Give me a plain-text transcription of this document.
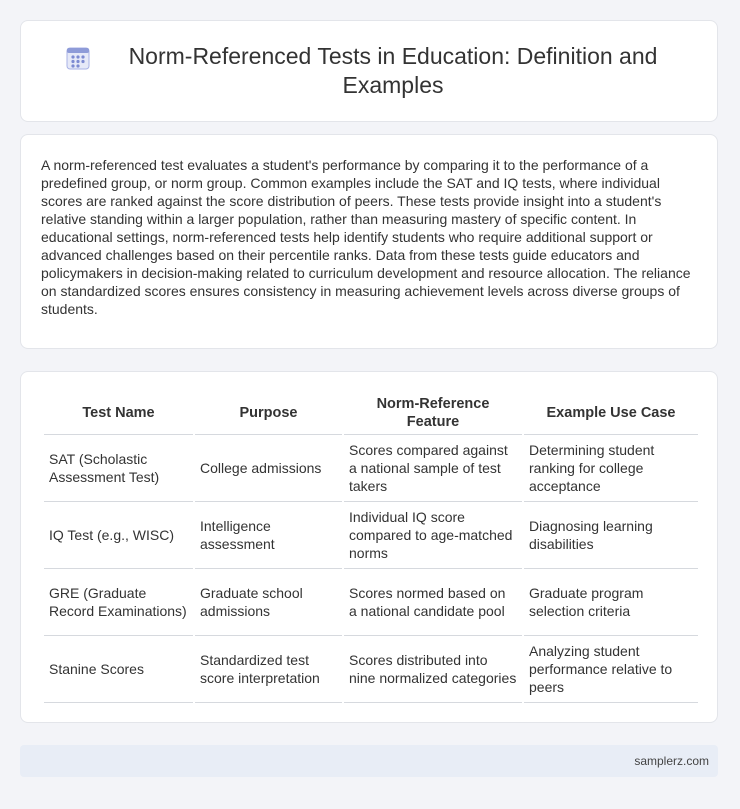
Norm-Referenced Tests in Education: Definition and Examples

A norm-referenced test evaluates a student's performance by comparing it to the performance of a predefined group, or norm group. Common examples include the SAT and IQ tests, where individual scores are ranked against the score distribution of peers. These tests provide insight into a student's relative standing within a larger population, rather than measuring mastery of specific content. In educational settings, norm-referenced tests help identify students who require additional support or advanced challenges based on their percentile ranks. Data from these tests guide educators and policymakers in decision-making related to curriculum development and resource allocation. The reliance on standardized scores ensures consistency in measuring achievement levels across diverse groups of students.

Test Name	Purpose	Norm-Reference Feature	Example Use Case
SAT (Scholastic Assessment Test)	College admissions	Scores compared against a national sample of test takers	Determining student ranking for college acceptance
IQ Test (e.g., WISC)	Intelligence assessment	Individual IQ score compared to age-matched norms	Diagnosing learning disabilities
GRE (Graduate Record Examinations)	Graduate school admissions	Scores normed based on a national candidate pool	Graduate program selection criteria
Stanine Scores	Standardized test score interpretation	Scores distributed into nine normalized categories	Analyzing student performance relative to peers
samplerz.com
